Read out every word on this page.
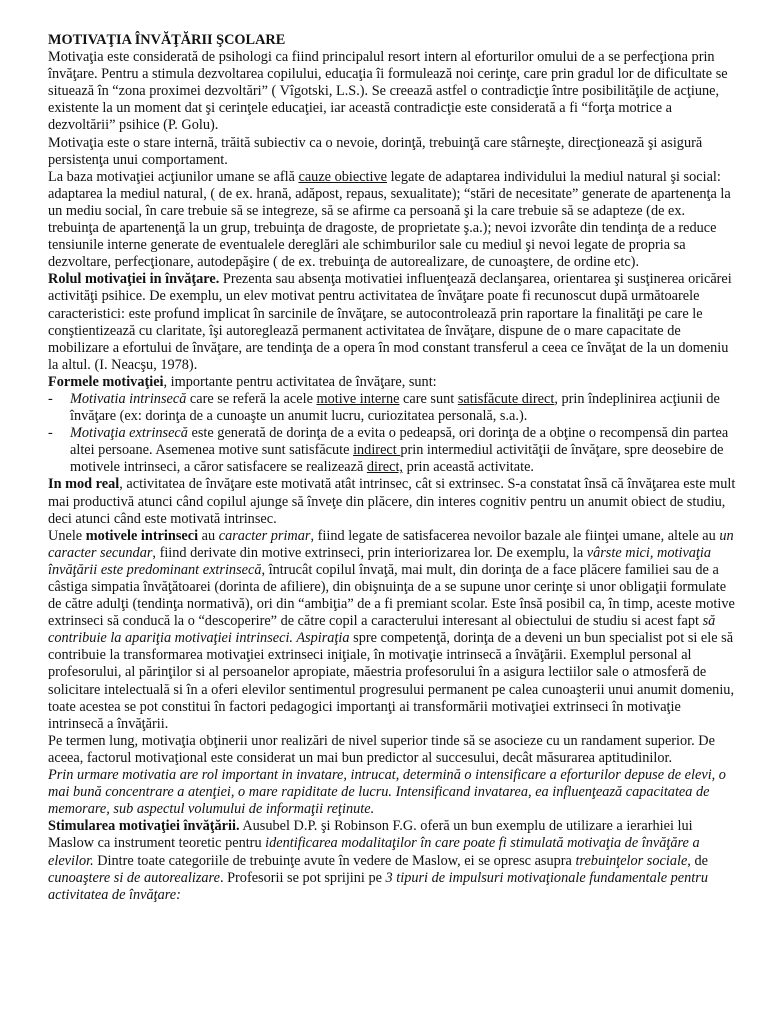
MOTIVAŢIA ÎNVĂŢĂRII ŞCOLARE

Motivaţia este considerată de psihologi ca fiind principalul resort intern al eforturilor omului de a se perfecţiona prin învăţare. Pentru a stimula dezvoltarea copilului, educaţia îi formulează noi cerinţe, care prin gradul lor de dificultate se situează în “zona proximei dezvoltări” ( Vîgotski, L.S.). Se creează astfel o contradicţie între posibilităţile de acţiune, existente la un moment dat şi cerinţele educaţiei, iar această contradicţie este considerată a fi “forţa motrice a dezvoltării” psihice (P. Golu).

Motivaţia este o stare internă, trăită subiectiv ca o nevoie, dorinţă, trebuinţă care stârneşte, direcţionează şi asigură persistenţa unui comportament.

La baza motivaţiei acţiunilor umane se află cauze obiective legate de adaptarea individului la mediul natural şi social: adaptarea la mediul natural, ( de ex. hrană, adăpost, repaus, sexualitate); “stări de necesitate” generate de apartenenţa la un mediu social, în care trebuie să se integreze, să se afirme ca persoană şi la care trebuie să se adapteze (de ex. trebuinţa de apartenenţă la un grup, trebuinţa de dragoste, de proprietate ş.a.); nevoi izvorâte din tendinţa de a reduce tensiunile interne generate de eventualele dereglări ale schimburilor sale cu mediul şi nevoi legate de propria sa dezvoltare, perfecţionare, autodepăşire ( de ex. trebuinţa de autorealizare, de cunoaştere, de ordine etc).

Rolul motivaţiei in învăţare. Prezenta sau absenţa motivatiei influenţează declanşarea, orientarea şi susţinerea oricărei activităţi psihice. De exemplu, un elev motivat pentru activitatea de învăţare poate fi recunoscut după următoarele caracteristici: este profund implicat în sarcinile de învăţare, se autocontrolează prin raportare la finalităţi pe care le conştientizează cu claritate, îşi autoreglează permanent activitatea de învăţare, dispune de o mare capacitate de mobilizare a efortului de învăţare, are tendinţa de a opera în mod constant transferul a ceea ce învăţat de la un domeniu la altul. (I. Neacşu, 1978).

Formele motivaţiei, importante pentru activitatea de învăţare, sunt:

- Motivatia intrinsecă care se referă la acele motive interne care sunt satisfăcute direct, prin îndeplinirea acţiunii de învăţare (ex: dorinţa de a cunoaşte un anumit lucru, curiozitatea personală, s.a.).
- Motivaţia extrinsecă este generată de dorinţa de a evita o pedeapsă, ori dorinţa de a obţine o recompensă din partea altei persoane. Asemenea motive sunt satisfăcute indirect prin intermediul activităţii de învăţare, spre deosebire de motivele intrinseci, a căror satisfacere se realizează direct, prin această activitate.

In mod real, activitatea de învăţare este motivată atât intrinsec, cât si extrinsec. S-a constatat însă că învăţarea este mult mai productivă atunci când copilul ajunge să înveţe din plăcere, din interes cognitiv pentru un anumit obiect de studiu, deci atunci când este motivată intrinsec.

Unele motivele intrinseci au caracter primar, fiind legate de satisfacerea nevoilor bazale ale fiinţei umane, altele au un caracter secundar, fiind derivate din motive extrinseci, prin interiorizarea lor. De exemplu, la vârste mici, motivaţia învăţării este predominant extrinsecă, întrucât copilul învaţă, mai mult, din dorinţa de a face plăcere familiei sau de a câstiga simpatia învăţătoarei (dorinta de afiliere), din obişnuinţa de a se supune unor cerinţe si unor obligaţii formulate de către adulţi (tendinţa normativă), ori din “ambiţia” de a fi premiant scolar. Este însă posibil ca, în timp, aceste motive extrinseci să conducă la o “descoperire” de către copil a caracterului interesant al obiectului de studiu si acest fapt să contribuie la apariţia motivaţiei intrinseci. Aspiraţia spre competenţă, dorinţa de a deveni un bun specialist pot si ele să contribuie la transformarea motivaţiei extrinseci iniţiale, în motivaţie intrinsecă a învăţării. Exemplul personal al profesorului, al părinţilor si al persoanelor apropiate, măestria profesorului în a asigura lectiilor sale o atmosferă de solicitare intelectuală si în a oferi elevilor sentimentul progresului permanent pe calea cunoaşterii unui anumit domeniu, toate acestea se pot constitui în factori pedagogici importanţi ai transformării motivaţiei extrinseci în motivaţie intrinsecă a învăţării.

Pe termen lung, motivaţia obţinerii unor realizări de nivel superior tinde să se asocieze cu un randament superior. De aceea, factorul motivaţional este considerat un mai bun predictor al succesului, decât măsurarea aptitudinilor.

Prin urmare motivatia are rol important in invatare, intrucat, determină o intensificare a eforturilor depuse de elevi, o mai bună concentrare a atenţiei, o mare rapiditate de lucru. Intensificand invatarea, ea influenţează capacitatea de memorare, sub aspectul volumului de informaţii reţinute.

Stimularea motivaţiei învăţării. Ausubel D.P. şi Robinson F.G. oferă un bun exemplu de utilizare a ierarhiei lui Maslow ca instrument teoretic pentru identificarea modalitaţilor în care poate fi stimulată motivaţia de învăţăre a elevilor. Dintre toate categoriile de trebuinţe avute în vedere de Maslow, ei se opresc asupra trebuinţelor sociale, de cunoaştere si de autorealizare. Profesorii se pot sprijini pe 3 tipuri de impulsuri motivaţionale fundamentale pentru activitatea de învăţare:
